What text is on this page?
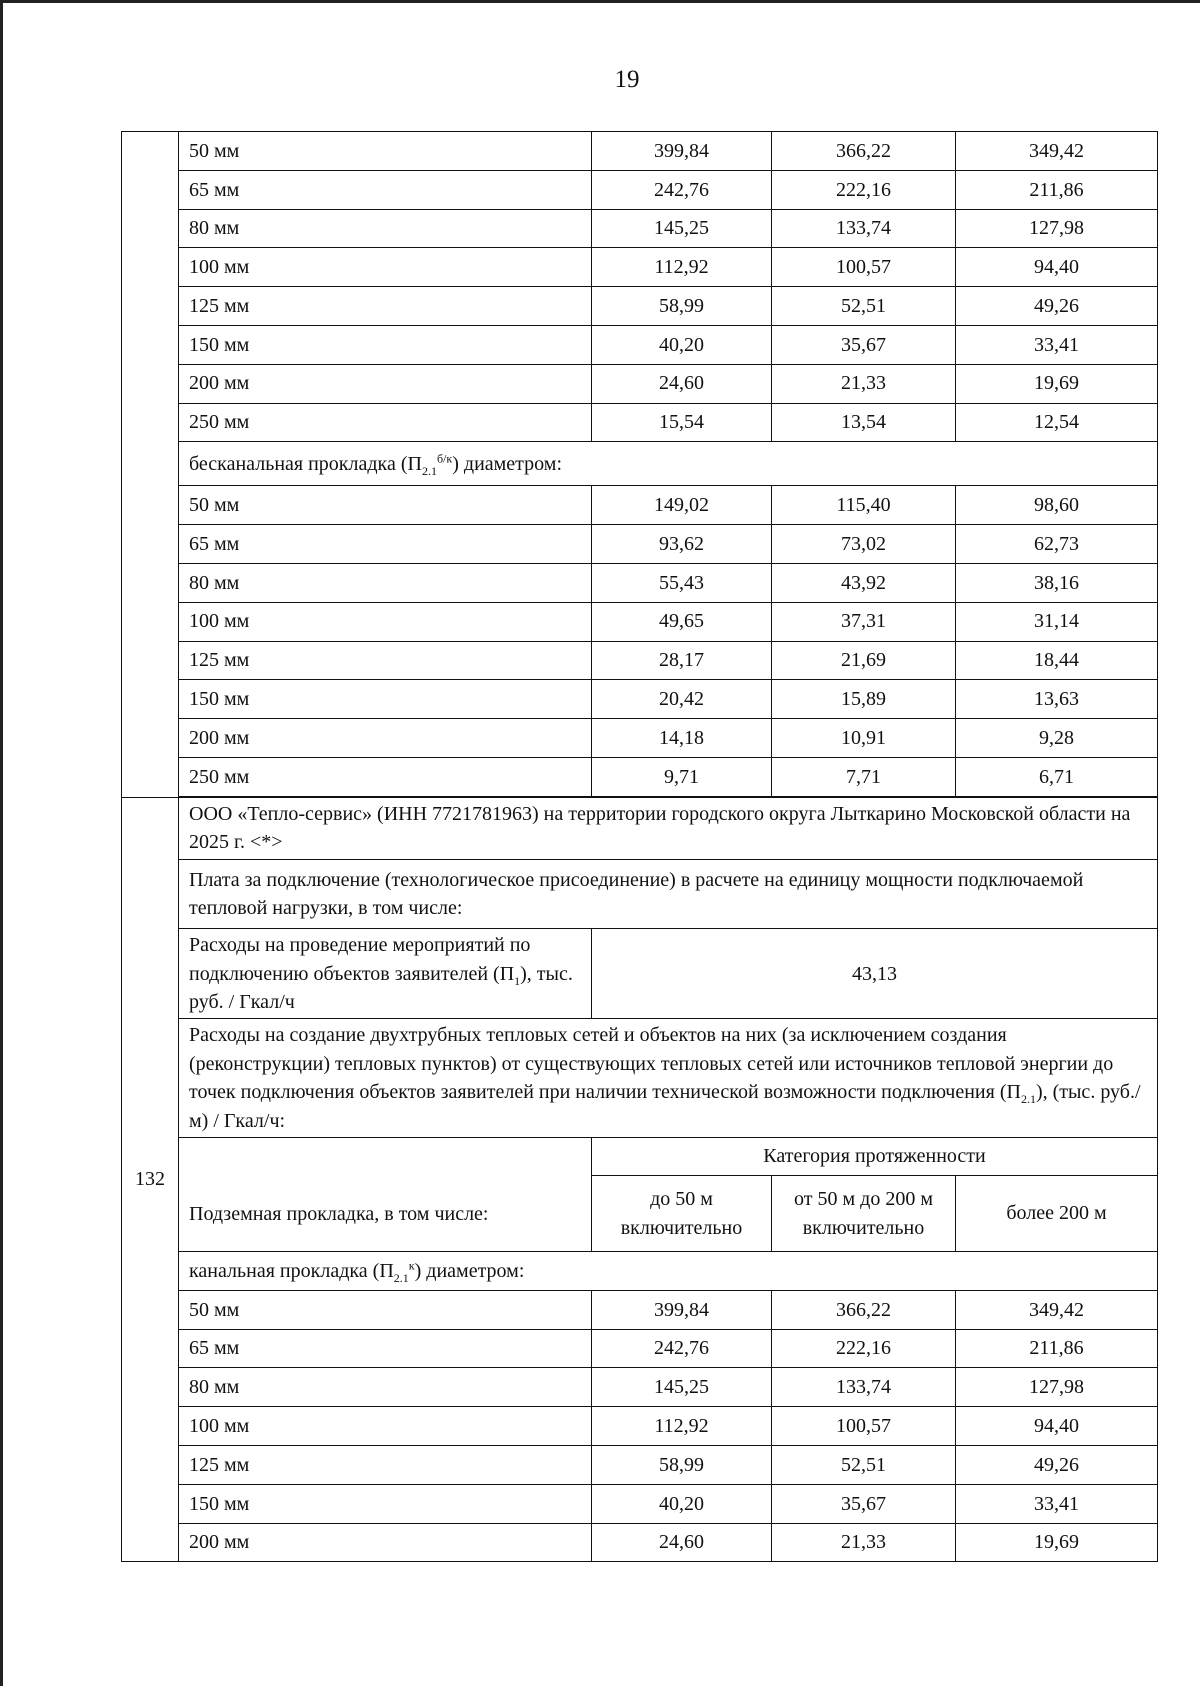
19
	50 мм	399,84	366,22	349,42
	65 мм	242,76	222,16	211,86
	80 мм	145,25	133,74	127,98
	100 мм	112,92	100,57	94,40
	125 мм	58,99	52,51	49,26
	150 мм	40,20	35,67	33,41
	200 мм	24,60	21,33	19,69
	250 мм	15,54	13,54	12,54
	бесканальная прокладка $(П_{2.1}^{б/к})$ диаметром:			
	50 мм	149,02	115,40	98,60
	65 мм	93,62	73,02	62,73
	80 мм	55,43	43,92	38,16
	100 мм	49,65	37,31	31,14
	125 мм	28,17	21,69	18,44
	150 мм	20,42	15,89	13,63
	200 мм	14,18	10,91	9,28
	250 мм	9,71	7,71	6,71

132	ООО «Тепло-сервис» (ИНН 7721781963) на территории городского округа Лыткарино Московской области на 2025 г. <*>			
	Плата за подключение (технологическое присоединение) в расчете на единицу мощности подключаемой тепловой нагрузки, в том числе:			
	Расходы на проведение мероприятий по подключению объектов заявителей $(П_1)$, тыс. руб. / Гкал/ч	43,13		
	Расходы на создание двухтрубных тепловых сетей и объектов на них (за исключением создания (реконструкции) тепловых пунктов) от существующих тепловых сетей или источников тепловой энергии до точек подключения объектов заявителей при наличии технической возможности подключения $(П_{2.1})$, (тыс. руб./м) / Гкал/ч:			
	Подземная прокладка, в том числе:	Категория протяженности		
		до 50 м включительно	от 50 м до 200 м включительно	более 200 м
	канальная прокладка $(П_{2.1}^к)$ диаметром:			
	50 мм	399,84	366,22	349,42
	65 мм	242,76	222,16	211,86
	80 мм	145,25	133,74	127,98
	100 мм	112,92	100,57	94,40
	125 мм	58,99	52,51	49,26
	150 мм	40,20	35,67	33,41
	200 мм	24,60	21,33	19,69
